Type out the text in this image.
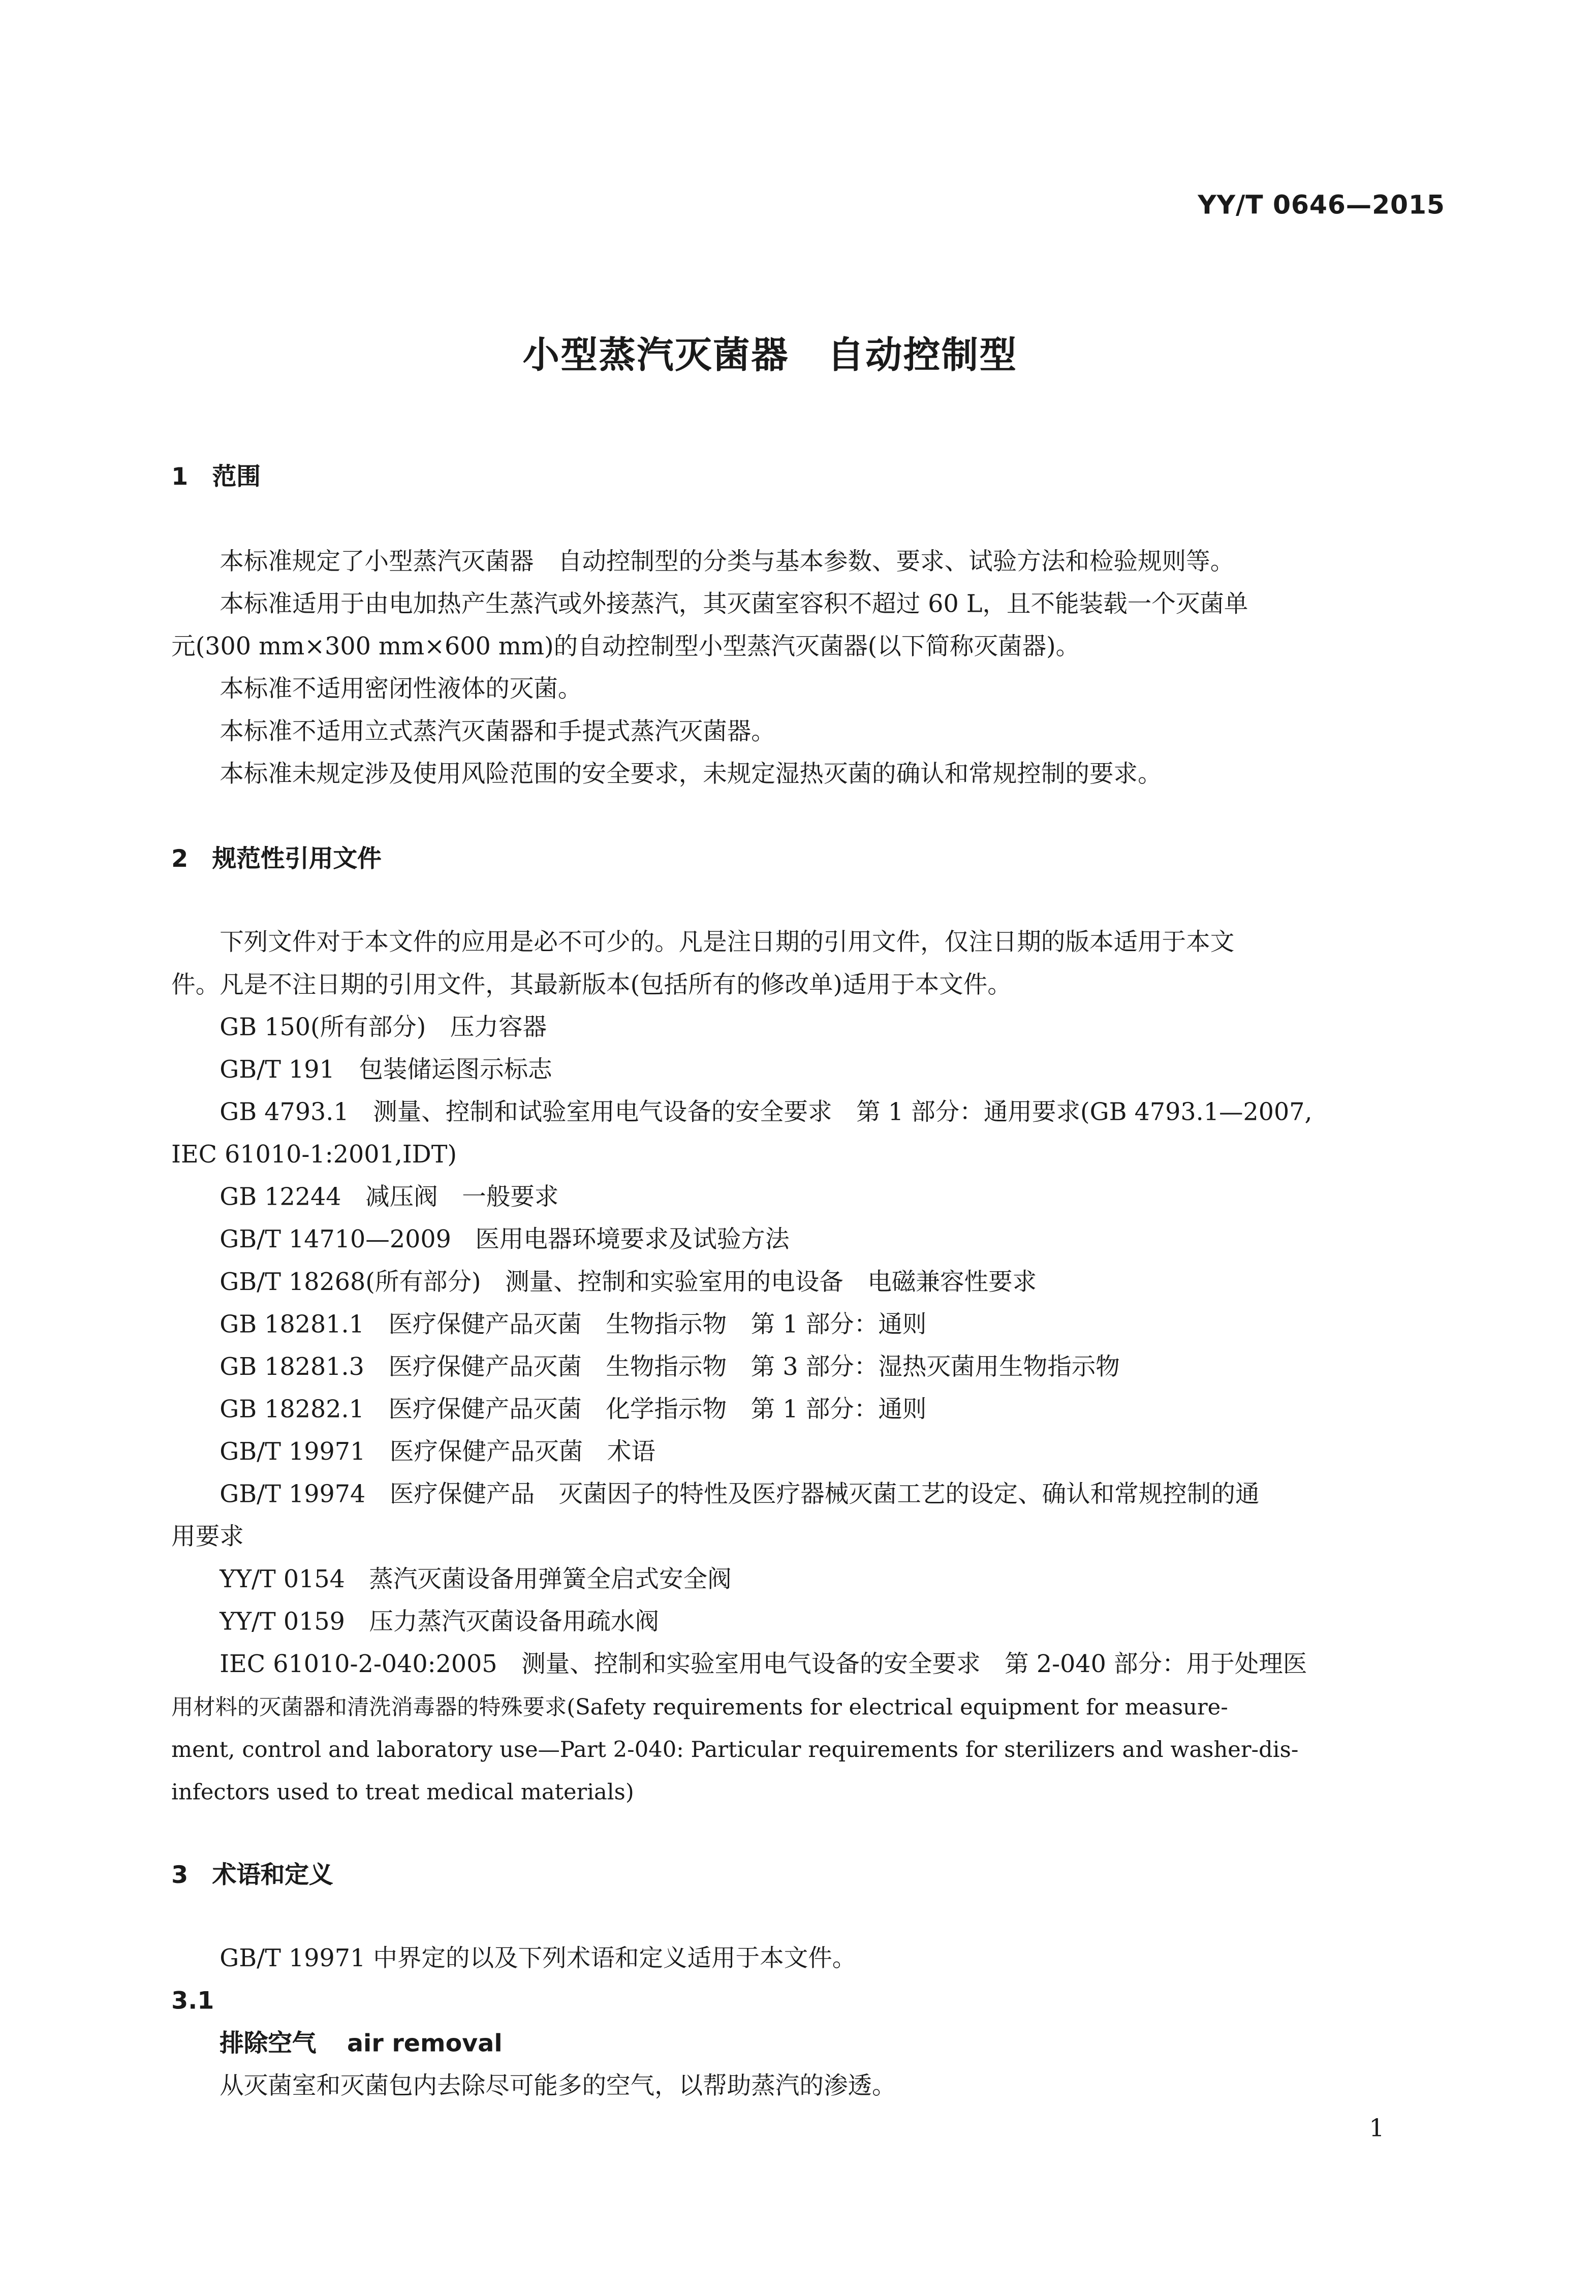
YY/T 0646—2015
小型蒸汽灭菌器　自动控制型
1　范围
本标准规定了小型蒸汽灭菌器　自动控制型的分类与基本参数、要求、试验方法和检验规则等。
本标准适用于由电加热产生蒸汽或外接蒸汽，其灭菌室容积不超过 60 L，且不能装载一个灭菌单
元(300 mm×300 mm×600 mm)的自动控制型小型蒸汽灭菌器(以下简称灭菌器)。
本标准不适用密闭性液体的灭菌。
本标准不适用立式蒸汽灭菌器和手提式蒸汽灭菌器。
本标准未规定涉及使用风险范围的安全要求，未规定湿热灭菌的确认和常规控制的要求。
2　规范性引用文件
下列文件对于本文件的应用是必不可少的。凡是注日期的引用文件，仅注日期的版本适用于本文
件。凡是不注日期的引用文件，其最新版本(包括所有的修改单)适用于本文件。
GB 150(所有部分)　压力容器
GB/T 191　包装储运图示标志
GB 4793.1　测量、控制和试验室用电气设备的安全要求　第 1 部分：通用要求(GB 4793.1—2007,
IEC 61010-1:2001,IDT)
GB 12244　减压阀　一般要求
GB/T 14710—2009　医用电器环境要求及试验方法
GB/T 18268(所有部分)　测量、控制和实验室用的电设备　电磁兼容性要求
GB 18281.1　医疗保健产品灭菌　生物指示物　第 1 部分：通则
GB 18281.3　医疗保健产品灭菌　生物指示物　第 3 部分：湿热灭菌用生物指示物
GB 18282.1　医疗保健产品灭菌　化学指示物　第 1 部分：通则
GB/T 19971　医疗保健产品灭菌　术语
GB/T 19974　医疗保健产品　灭菌因子的特性及医疗器械灭菌工艺的设定、确认和常规控制的通
用要求
YY/T 0154　蒸汽灭菌设备用弹簧全启式安全阀
YY/T 0159　压力蒸汽灭菌设备用疏水阀
IEC 61010-2-040:2005　测量、控制和实验室用电气设备的安全要求　第 2-040 部分：用于处理医
用材料的灭菌器和清洗消毒器的特殊要求(Safety requirements for electrical equipment for measure-
ment, control and laboratory use—Part 2-040: Particular requirements for sterilizers and washer-dis-
infectors used to treat medical materials)
3　术语和定义
GB/T 19971 中界定的以及下列术语和定义适用于本文件。
3.1
排除空气	air removal
从灭菌室和灭菌包内去除尽可能多的空气，以帮助蒸汽的渗透。
1
